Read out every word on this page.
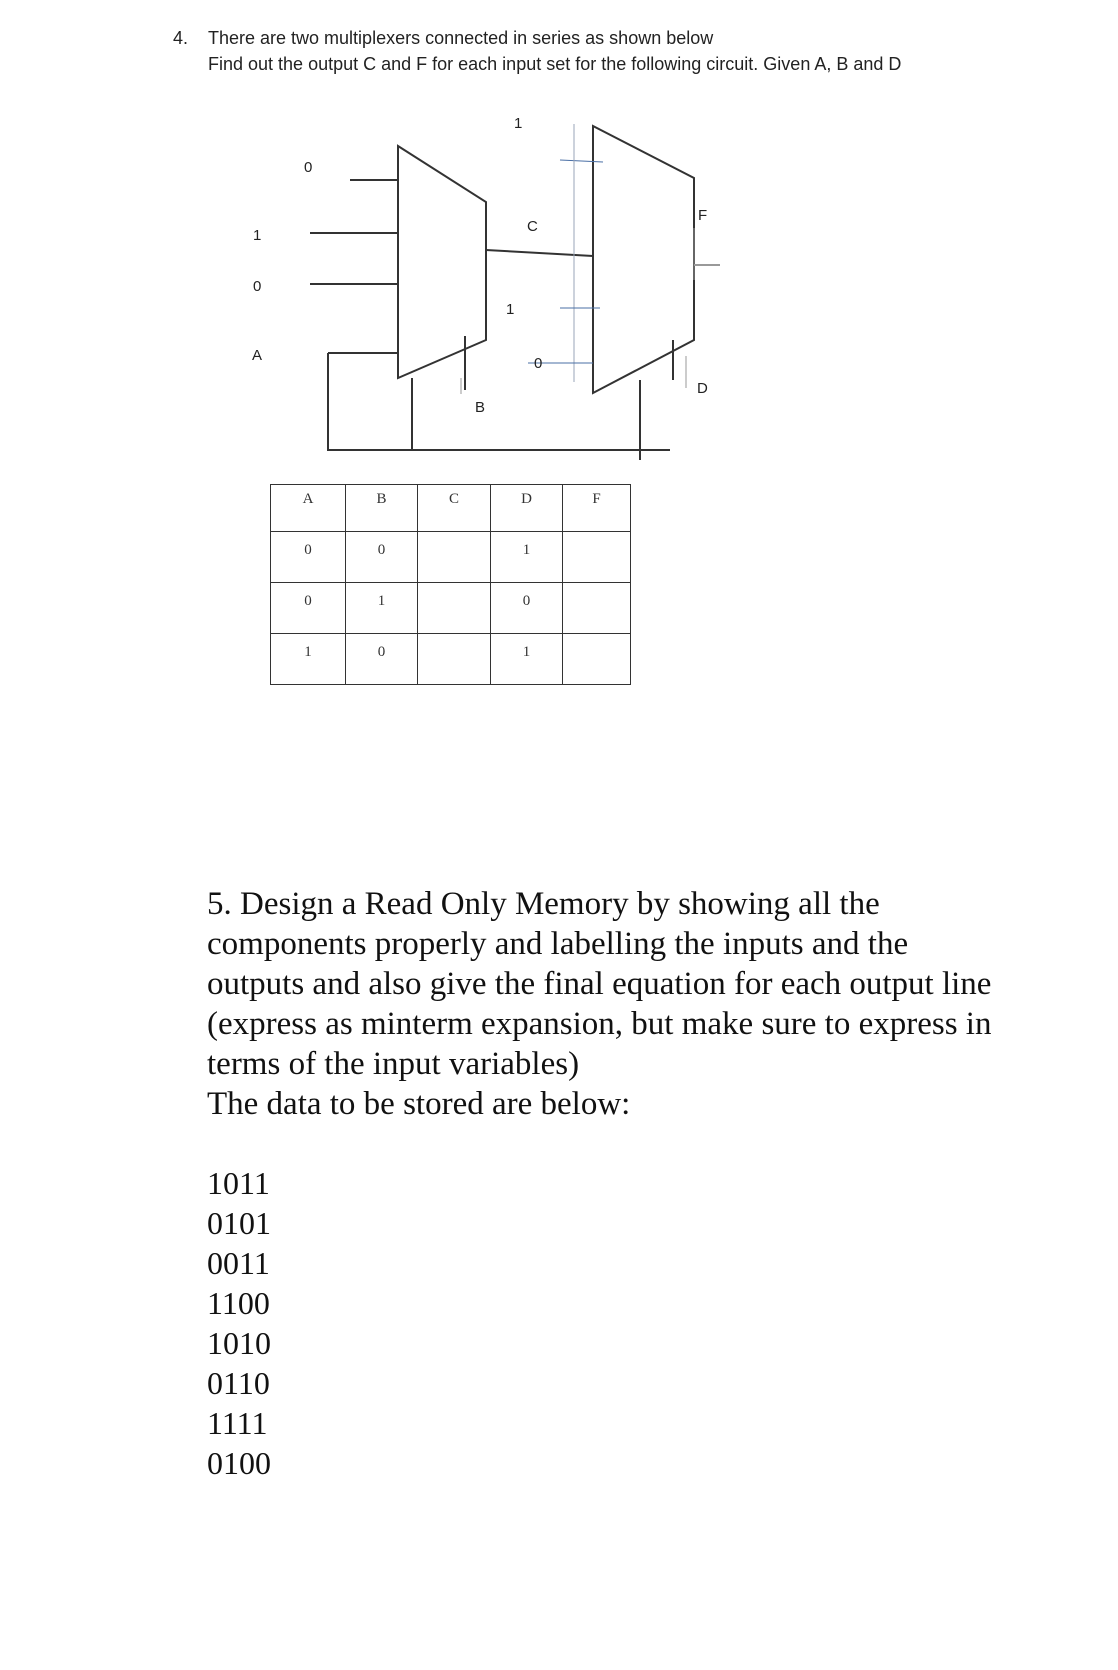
4. There are two multiplexers connected in series as shown below
Find out the output C and F for each input set for the following circuit. Given A, B and D
0
1
0
A
B
C
1
1
0
F
D
A	B	C	D	F
0	0		1	
0	1		0	
1	0		1	

5. Design a Read Only Memory by showing all the

components properly and labelling the inputs and the

outputs and also give the final equation for each output line

(express as minterm expansion, but make sure to express in

terms of the input variables)

The data to be stored are below:

1011
0101
0011
1100
1010
0110
1111
0100
